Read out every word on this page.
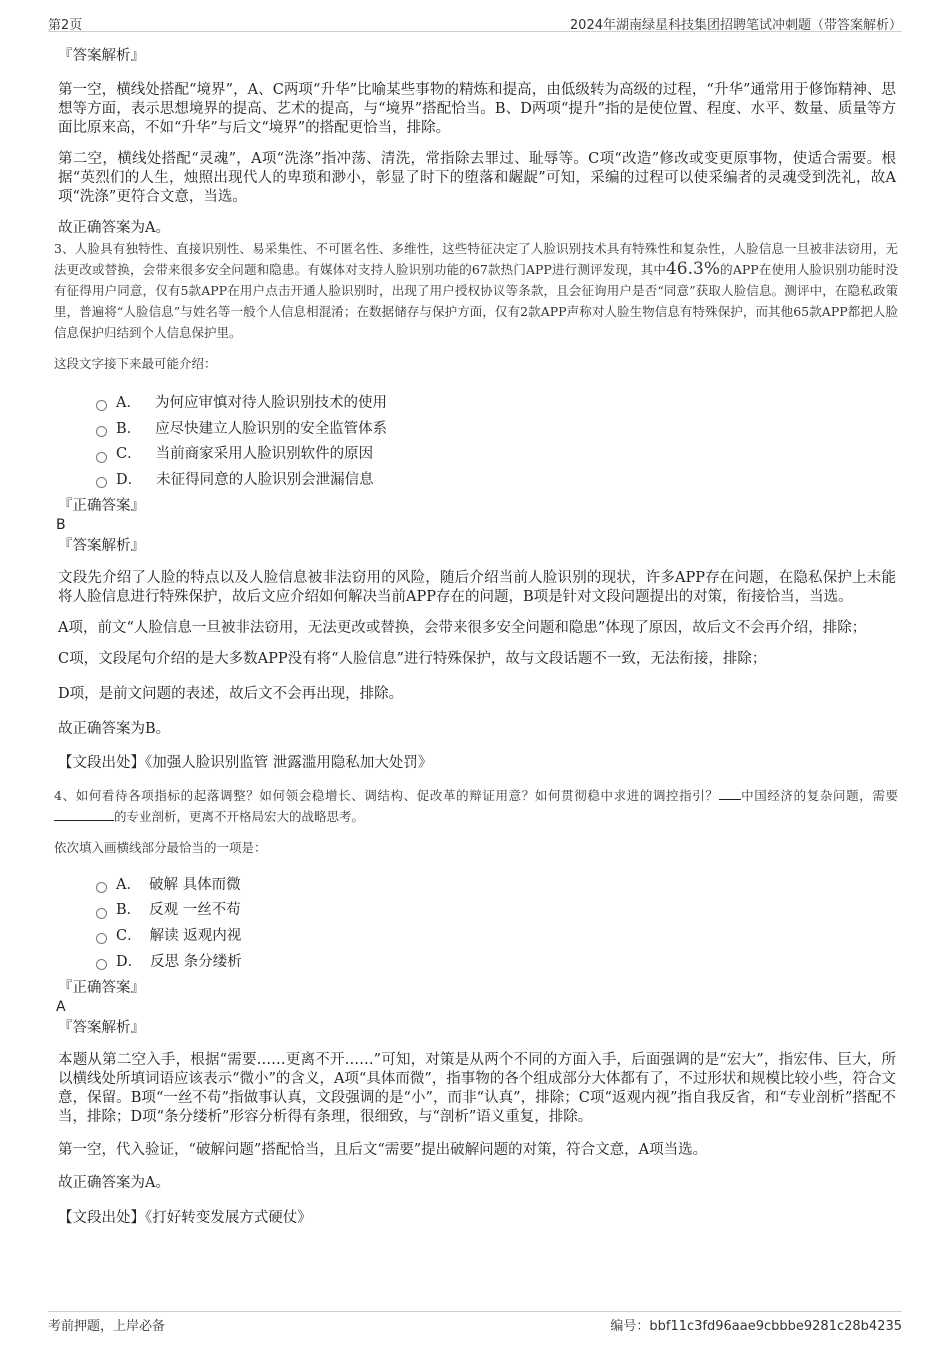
第2页	2024年湖南绿星科技集团招聘笔试冲刺题（带答案解析）
『答案解析』
第一空，横线处搭配“境界”，A、C两项“升华”比喻某些事物的精炼和提高，由低级转为高级的过程，“升华”通常用于修饰精神、思想等方面，表示思想境界的提高、艺术的提高，与“境界”搭配恰当。B、D两项“提升”指的是使位置、程度、水平、数量、质量等方面比原来高，不如“升华”与后文“境界”的搭配更恰当，排除。
第二空，横线处搭配“灵魂”，A项“洗涤”指冲荡、清洗，常指除去罪过、耻辱等。C项“改造”修改或变更原事物，使适合需要。根据“英烈们的人生，烛照出现代人的卑琐和渺小，彰显了时下的堕落和龌龊”可知，采编的过程可以使采编者的灵魂受到洗礼，故A项“洗涤”更符合文意，当选。
故正确答案为A。
3、人脸具有独特性、直接识别性、易采集性、不可匿名性、多维性，这些特征决定了人脸识别技术具有特殊性和复杂性，人脸信息一旦被非法窃用，无法更改或替换，会带来很多安全问题和隐患。有媒体对支持人脸识别功能的67款热门APP进行测评发现，其中46.3%的APP在使用人脸识别功能时没有征得用户同意，仅有5款APP在用户点击开通人脸识别时，出现了用户授权协议等条款，且会征询用户是否“同意”获取人脸信息。测评中，在隐私政策里，普遍将“人脸信息”与姓名等一般个人信息相混淆；在数据储存与保护方面，仅有2款APP声称对人脸生物信息有特殊保护，而其他65款APP都把人脸信息保护归结到个人信息保护里。
这段文字接下来最可能介绍：
A． 为何应审慎对待人脸识别技术的使用
B． 应尽快建立人脸识别的安全监管体系
C． 当前商家采用人脸识别软件的原因
D． 未征得同意的人脸识别会泄漏信息
『正确答案』
B
『答案解析』
文段先介绍了人脸的特点以及人脸信息被非法窃用的风险，随后介绍当前人脸识别的现状，许多APP存在问题，在隐私保护上未能将人脸信息进行特殊保护，故后文应介绍如何解决当前APP存在的问题，B项是针对文段问题提出的对策，衔接恰当，当选。
A项，前文“人脸信息一旦被非法窃用，无法更改或替换，会带来很多安全问题和隐患”体现了原因，故后文不会再介绍，排除；
C项，文段尾句介绍的是大多数APP没有将“人脸信息”进行特殊保护，故与文段话题不一致，无法衔接，排除；
D项，是前文问题的表述，故后文不会再出现，排除。
故正确答案为B。
【文段出处】《加强人脸识别监管 泄露滥用隐私加大处罚》
4、如何看待各项指标的起落调整？如何领会稳增长、调结构、促改革的辩证用意？如何贯彻稳中求进的调控指引？ 中国经济的复杂问题，需要的专业剖析，更离不开格局宏大的战略思考。
依次填入画横线部分最恰当的一项是：
A． 破解 具体而微
B． 反观 一丝不苟
C． 解读 返观内视
D． 反思 条分缕析
『正确答案』
A
『答案解析』
本题从第二空入手，根据“需要……更离不开……”可知，对策是从两个不同的方面入手，后面强调的是“宏大”，指宏伟、巨大，所以横线处所填词语应该表示“微小”的含义，A项“具体而微”，指事物的各个组成部分大体都有了，不过形状和规模比较小些，符合文意，保留。B项“一丝不苟”指做事认真，文段强调的是“小”，而非“认真”，排除；C项“返观内视”指自我反省，和“专业剖析”搭配不当，排除；D项“条分缕析”形容分析得有条理，很细致，与“剖析”语义重复，排除。
第一空，代入验证，“破解问题”搭配恰当，且后文“需要”提出破解问题的对策，符合文意，A项当选。
故正确答案为A。
【文段出处】《打好转变发展方式硬仗》
考前押题，上岸必备	编号：bbf11c3fd96aae9cbbbe9281c28b4235
